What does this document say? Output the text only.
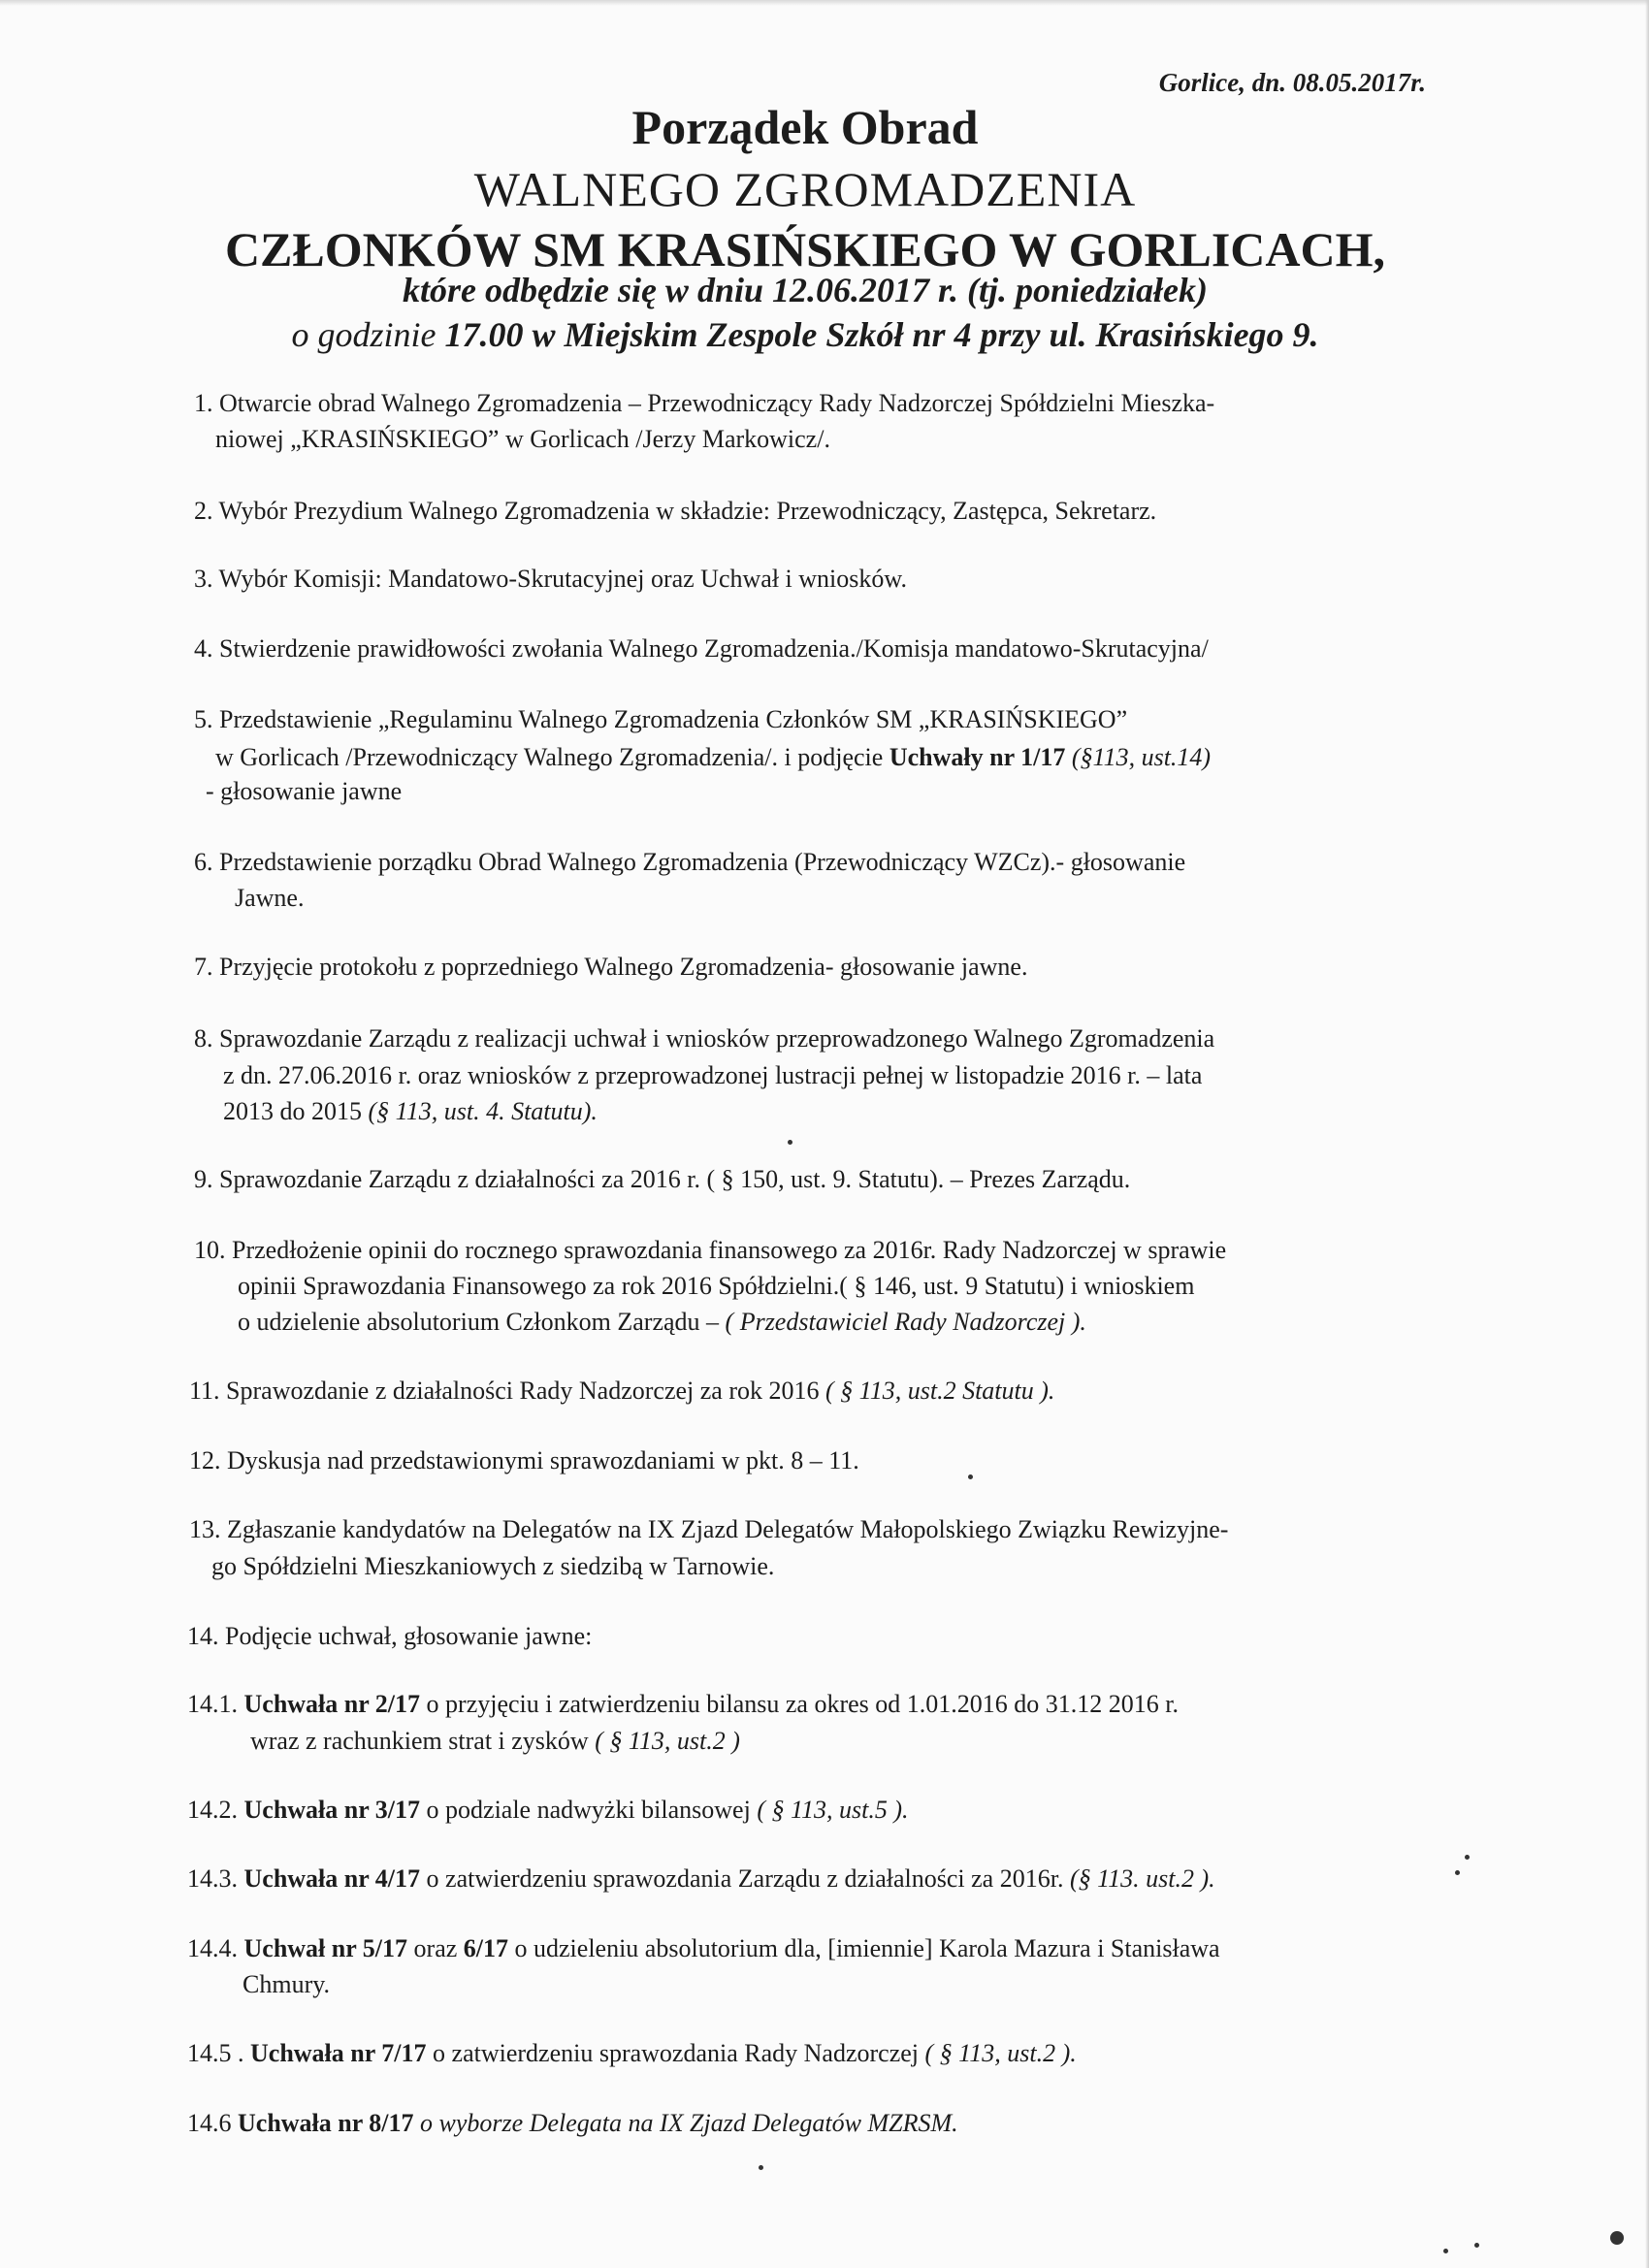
Gorlice, dn. 08.05.2017r.
Porządek Obrad
WALNEGO ZGROMADZENIA
CZŁONKÓW SM KRASIŃSKIEGO W GORLICACH,
które odbędzie się w dniu 12.06.2017 r. (tj. poniedziałek)
o godzinie 17.00 w Miejskim Zespole Szkół nr 4 przy ul. Krasińskiego 9.
1. Otwarcie obrad Walnego Zgromadzenia – Przewodniczący Rady Nadzorczej Spółdzielni Mieszka-
niowej „KRASIŃSKIEGO” w Gorlicach /Jerzy Markowicz/.
2. Wybór Prezydium Walnego Zgromadzenia w składzie: Przewodniczący, Zastępca, Sekretarz.
3. Wybór Komisji: Mandatowo-Skrutacyjnej oraz Uchwał i wniosków.
4. Stwierdzenie prawidłowości zwołania Walnego Zgromadzenia./Komisja mandatowo-Skrutacyjna/
5. Przedstawienie „Regulaminu Walnego Zgromadzenia Członków SM „KRASIŃSKIEGO”
w Gorlicach /Przewodniczący Walnego Zgromadzenia/. i podjęcie Uchwały nr 1/17 (§113, ust.14)
- głosowanie jawne
6. Przedstawienie porządku Obrad Walnego Zgromadzenia (Przewodniczący WZCz).- głosowanie
Jawne.
7. Przyjęcie protokołu z poprzedniego Walnego Zgromadzenia- głosowanie jawne.
8. Sprawozdanie Zarządu z realizacji uchwał i wniosków przeprowadzonego Walnego Zgromadzenia
z dn. 27.06.2016 r. oraz wniosków z przeprowadzonej lustracji pełnej w listopadzie 2016 r. – lata
2013 do 2015 (§ 113, ust. 4. Statutu).
9. Sprawozdanie Zarządu z działalności za 2016 r. ( § 150, ust. 9. Statutu). – Prezes Zarządu.
10. Przedłożenie opinii do rocznego sprawozdania finansowego za 2016r. Rady Nadzorczej w sprawie
opinii Sprawozdania Finansowego za rok 2016 Spółdzielni.( § 146, ust. 9 Statutu) i wnioskiem
o udzielenie absolutorium Członkom Zarządu – ( Przedstawiciel Rady Nadzorczej ).
11. Sprawozdanie z działalności Rady Nadzorczej za rok 2016 ( § 113, ust.2 Statutu ).
12. Dyskusja nad przedstawionymi sprawozdaniami w pkt. 8 – 11.
13. Zgłaszanie kandydatów na Delegatów na IX Zjazd Delegatów Małopolskiego Związku Rewizyjne-
go Spółdzielni Mieszkaniowych z siedzibą w Tarnowie.
14. Podjęcie uchwał, głosowanie jawne:
14.1. Uchwała nr 2/17 o przyjęciu i zatwierdzeniu bilansu za okres od 1.01.2016 do 31.12 2016 r.
wraz z rachunkiem strat i zysków ( § 113, ust.2 )
14.2. Uchwała nr 3/17 o podziale nadwyżki bilansowej ( § 113, ust.5 ).
14.3. Uchwała nr 4/17 o zatwierdzeniu sprawozdania Zarządu z działalności za 2016r. (§ 113. ust.2 ).
14.4. Uchwał nr 5/17 oraz 6/17 o udzieleniu absolutorium dla, [imiennie] Karola Mazura i Stanisława
Chmury.
14.5 . Uchwała nr 7/17 o zatwierdzeniu sprawozdania Rady Nadzorczej ( § 113, ust.2 ).
14.6 Uchwała nr 8/17 o wyborze Delegata na IX Zjazd Delegatów MZRSM.
